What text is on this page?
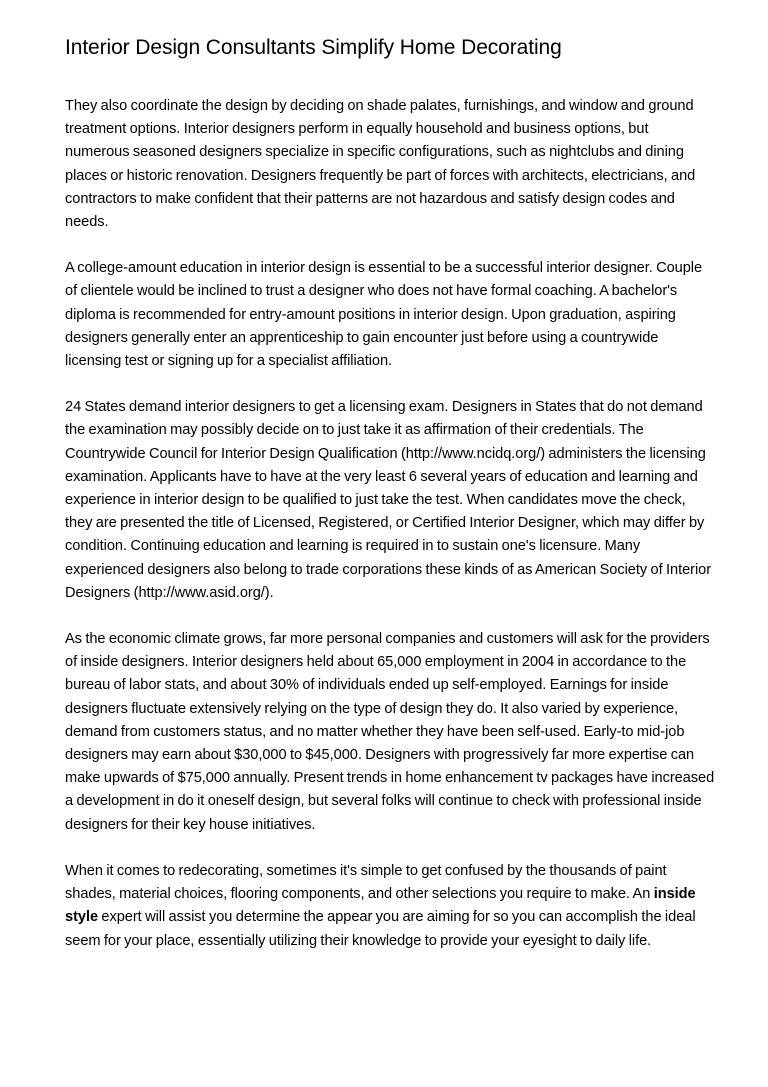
Interior Design Consultants Simplify Home Decorating

They also coordinate the design by deciding on shade palates, furnishings, and window and ground treatment options. Interior designers perform in equally household and business options, but numerous seasoned designers specialize in specific configurations, such as nightclubs and dining places or historic renovation. Designers frequently be part of forces with architects, electricians, and contractors to make confident that their patterns are not hazardous and satisfy design codes and needs.

A college-amount education in interior design is essential to be a successful interior designer. Couple of clientele would be inclined to trust a designer who does not have formal coaching. A bachelor's diploma is recommended for entry-amount positions in interior design. Upon graduation, aspiring designers generally enter an apprenticeship to gain encounter just before using a countrywide licensing test or signing up for a specialist affiliation.

24 States demand interior designers to get a licensing exam. Designers in States that do not demand the examination may possibly decide on to just take it as affirmation of their credentials. The Countrywide Council for Interior Design Qualification (http://www.ncidq.org/) administers the licensing examination. Applicants have to have at the very least 6 several years of education and learning and experience in interior design to be qualified to just take the test. When candidates move the check, they are presented the title of Licensed, Registered, or Certified Interior Designer, which may differ by condition. Continuing education and learning is required in to sustain one's licensure. Many experienced designers also belong to trade corporations these kinds of as American Society of Interior Designers (http://www.asid.org/).

As the economic climate grows, far more personal companies and customers will ask for the providers of inside designers. Interior designers held about 65,000 employment in 2004 in accordance to the bureau of labor stats, and about 30% of individuals ended up self-employed. Earnings for inside designers fluctuate extensively relying on the type of design they do. It also varied by experience, demand from customers status, and no matter whether they have been self-used. Early-to mid-job designers may earn about $30,000 to $45,000. Designers with progressively far more expertise can make upwards of $75,000 annually. Present trends in home enhancement tv packages have increased a development in do it oneself design, but several folks will continue to check with professional inside designers for their key house initiatives.

When it comes to redecorating, sometimes it's simple to get confused by the thousands of paint shades, material choices, flooring components, and other selections you require to make. An inside style expert will assist you determine the appear you are aiming for so you can accomplish the ideal seem for your place, essentially utilizing their knowledge to provide your eyesight to daily life.
